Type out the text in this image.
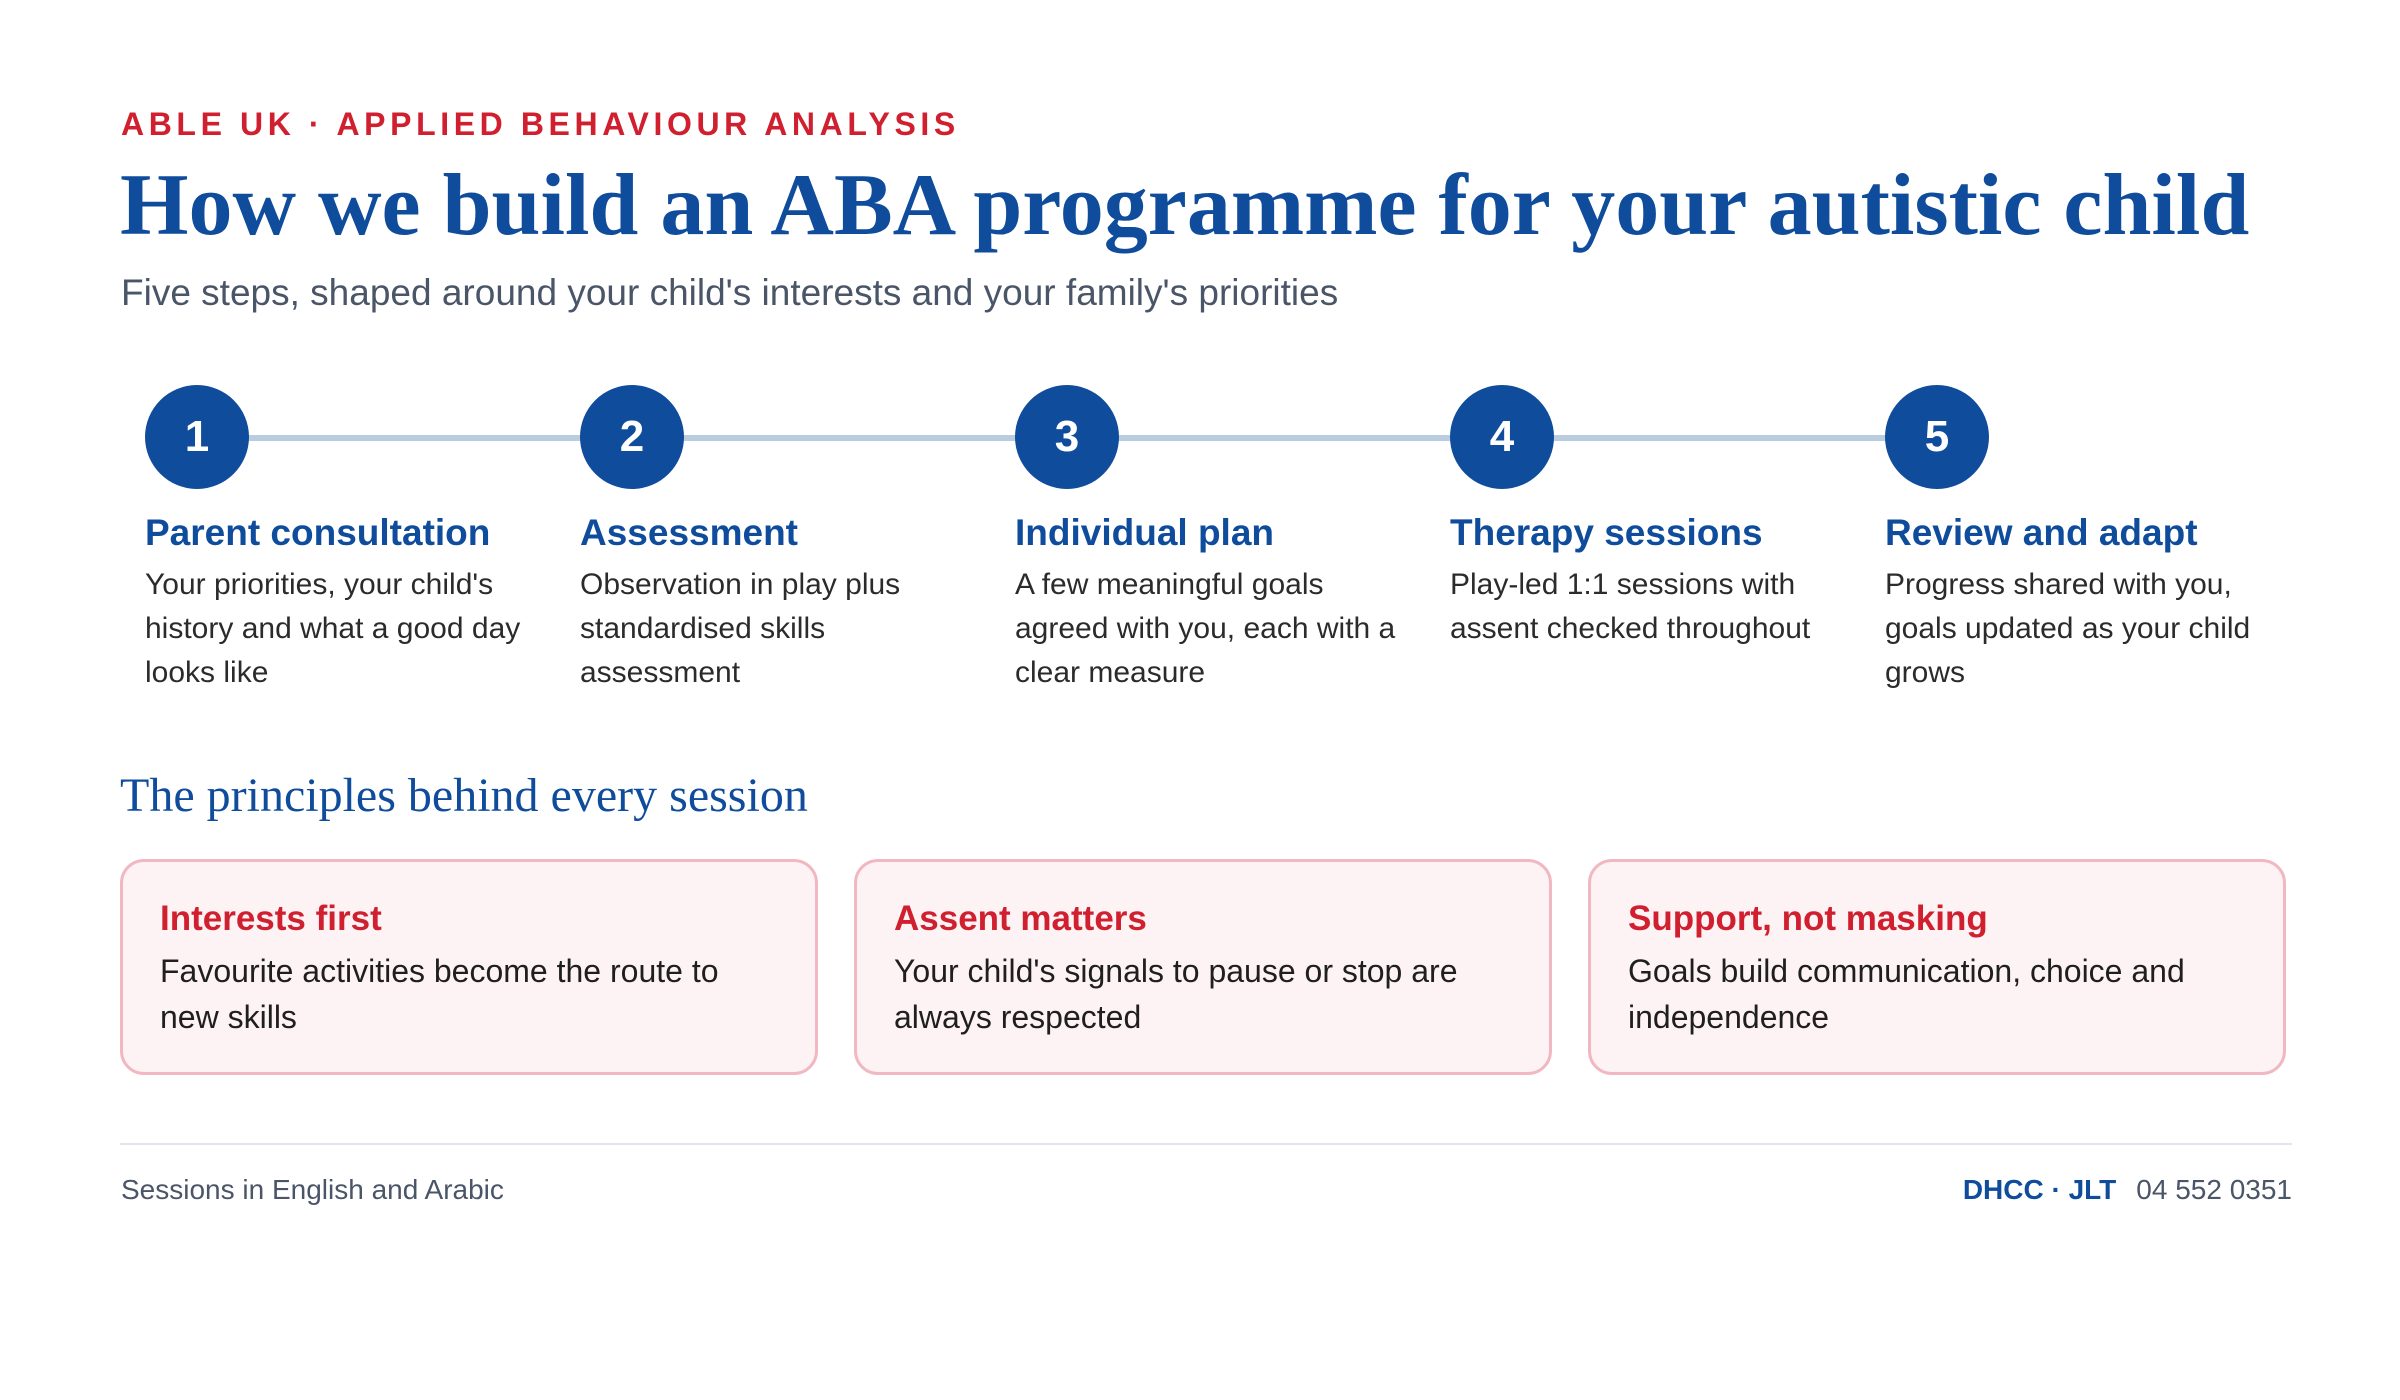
ABLE UK · APPLIED BEHAVIOUR ANALYSIS
How we build an ABA programme for your autistic child
Five steps, shaped around your child's interests and your family's priorities
1
Parent consultation
Your priorities, your child's history and what a good day looks like
2
Assessment
Observation in play plus standardised skills assessment
3
Individual plan
A few meaningful goals agreed with you, each with a clear measure
4
Therapy sessions
Play-led 1:1 sessions with assent checked throughout
5
Review and adapt
Progress shared with you, goals updated as your child grows
The principles behind every session
Interests first
Favourite activities become the route to new skills
Assent matters
Your child's signals to pause or stop are always respected
Support, not masking
Goals build communication, choice and independence
Sessions in English and Arabic	DHCC · JLT 04 552 0351
